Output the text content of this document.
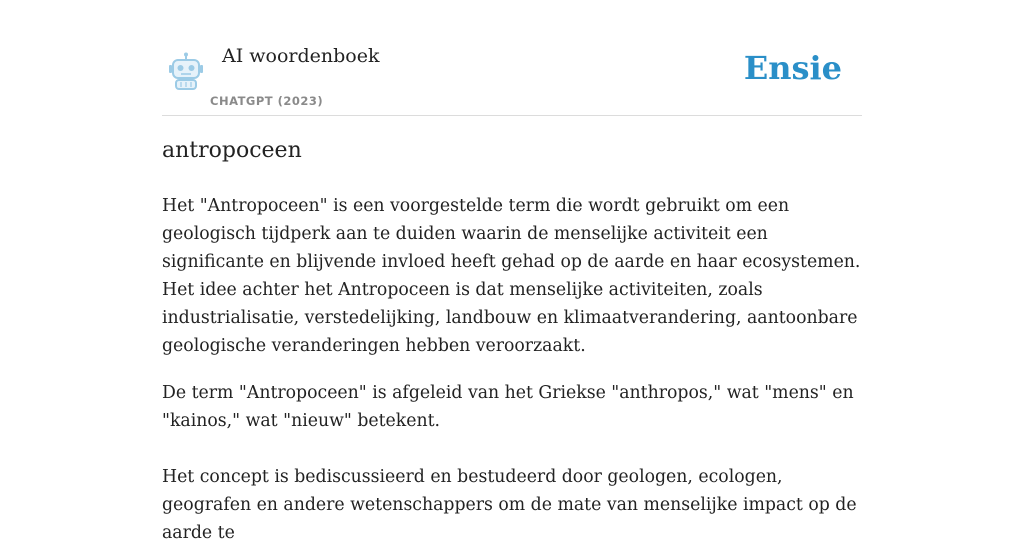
AI woordenboek
CHATGPT (2023)
Ensie
antropoceen

Het "Antropoceen" is een voorgestelde term die wordt gebruikt om een geologisch tijdperk aan te duiden waarin de menselijke activiteit een significante en blijvende invloed heeft gehad op de aarde en haar ecosystemen. Het idee achter het Antropoceen is dat menselijke activiteiten, zoals industrialisatie, verstedelijking, landbouw en klimaatverandering, aantoonbare geologische veranderingen hebben veroorzaakt.

De term "Antropoceen" is afgeleid van het Griekse "anthropos," wat "mens" en "kainos," wat "nieuw" betekent.

Het concept is bediscussieerd en bestudeerd door geologen, ecologen, geografen en andere wetenschappers om de mate van menselijke impact op de aarde te
